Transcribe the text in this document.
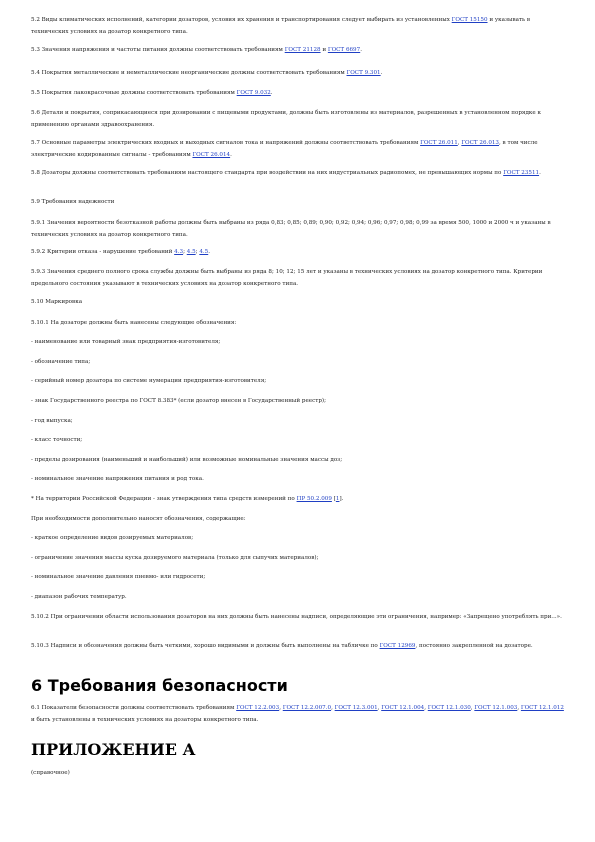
5.2 Виды климатических исполнений, категории дозаторов, условия их хранения и транспортирования следует выбирать из установленных ГОСТ 15150 и указывать в технических условиях на дозатор конкретного типа.

5.3 Значения напряжения и частоты питания должны соответствовать требованиям ГОСТ 21128 и ГОСТ 6697.

5.4 Покрытия металлические и неметаллические неорганические должны соответствовать требованиям ГОСТ 9.301.

5.5 Покрытия лакокрасочные должны соответствовать требованиям ГОСТ 9.032.

5.6 Детали и покрытия, соприкасающиеся при дозировании с пищевыми продуктами, должны быть изготовлены из материалов, разрешенных в установленном порядке к применению органами здравоохранения.

5.7 Основные параметры электрических входных и выходных сигналов тока и напряжений должны соответствовать требованиям ГОСТ 26.011, ГОСТ 26.013, в том числе электрические кодированные сигналы - требованиям ГОСТ 26.014.

5.8 Дозаторы должны соответствовать требованиям настоящего стандарта при воздействии на них индустриальных радиопомех, не превышающих нормы по ГОСТ 23511.

5.9 Требования надежности

5.9.1 Значения вероятности безотказной работы должны быть выбраны из ряда 0,83; 0,85; 0,89; 0,90; 0,92; 0,94; 0,96; 0,97; 0,98; 0,99 за время 500, 1000 и 2000 ч и указаны в технических условиях на дозатор конкретного типа.

5.9.2 Критерии отказа - нарушение требований 4.3; 4.5; 4.5.

5.9.3 Значения среднего полного срока службы должны быть выбраны из ряда 8; 10; 12; 15 лет и указаны в технических условиях на дозатор конкретного типа. Критерии предельного состояния указывают в технических условиях на дозатор конкретного типа.

5.10 Маркировка

5.10.1 На дозаторе должны быть нанесены следующие обозначения:

- наименование или товарный знак предприятия-изготовителя;

- обозначение типа;

- серийный номер дозатора по системе нумерации предприятия-изготовителя;

- знак Государственного реестра по ГОСТ 8.383* (если дозатор внесен в Государственный реестр);

- год выпуска;

- класс точности;

- пределы дозирования (наименьший и наибольший) или возможные номинальные значения массы доз;

- номинальное значение напряжения питания и род тока.

* На территории Российской Федерации - знак утверждения типа средств измерений по ПР 50.2.009 [1].

При необходимости дополнительно наносят обозначения, содержащие:

- краткое определение видов дозируемых материалов;

- ограничение значения массы куска дозируемого материала (только для сыпучих материалов);

- номинальное значение давления пневмо- или гидросети;

- диапазон рабочих температур.

5.10.2 При ограничении области использования дозаторов на них должны быть нанесены надписи, определяющие эти ограничения, например: «Запрещено употреблять при...».

5.10.3 Надписи и обозначения должны быть четкими, хорошо видимыми и должны быть выполнены на табличке по ГОСТ 12969, постоянно закрепленной на дозаторе.

6 Требования безопасности

6.1 Показатели безопасности должны соответствовать требованиям ГОСТ 12.2.003, ГОСТ 12.2.007.0, ГОСТ 12.3.001, ГОСТ 12.1.004, ГОСТ 12.1.030, ГОСТ 12.1.003, ГОСТ 12.1.012 и быть установлены в технических условиях на дозаторы конкретного типа.

ПРИЛОЖЕНИЕ А

(справочное)
